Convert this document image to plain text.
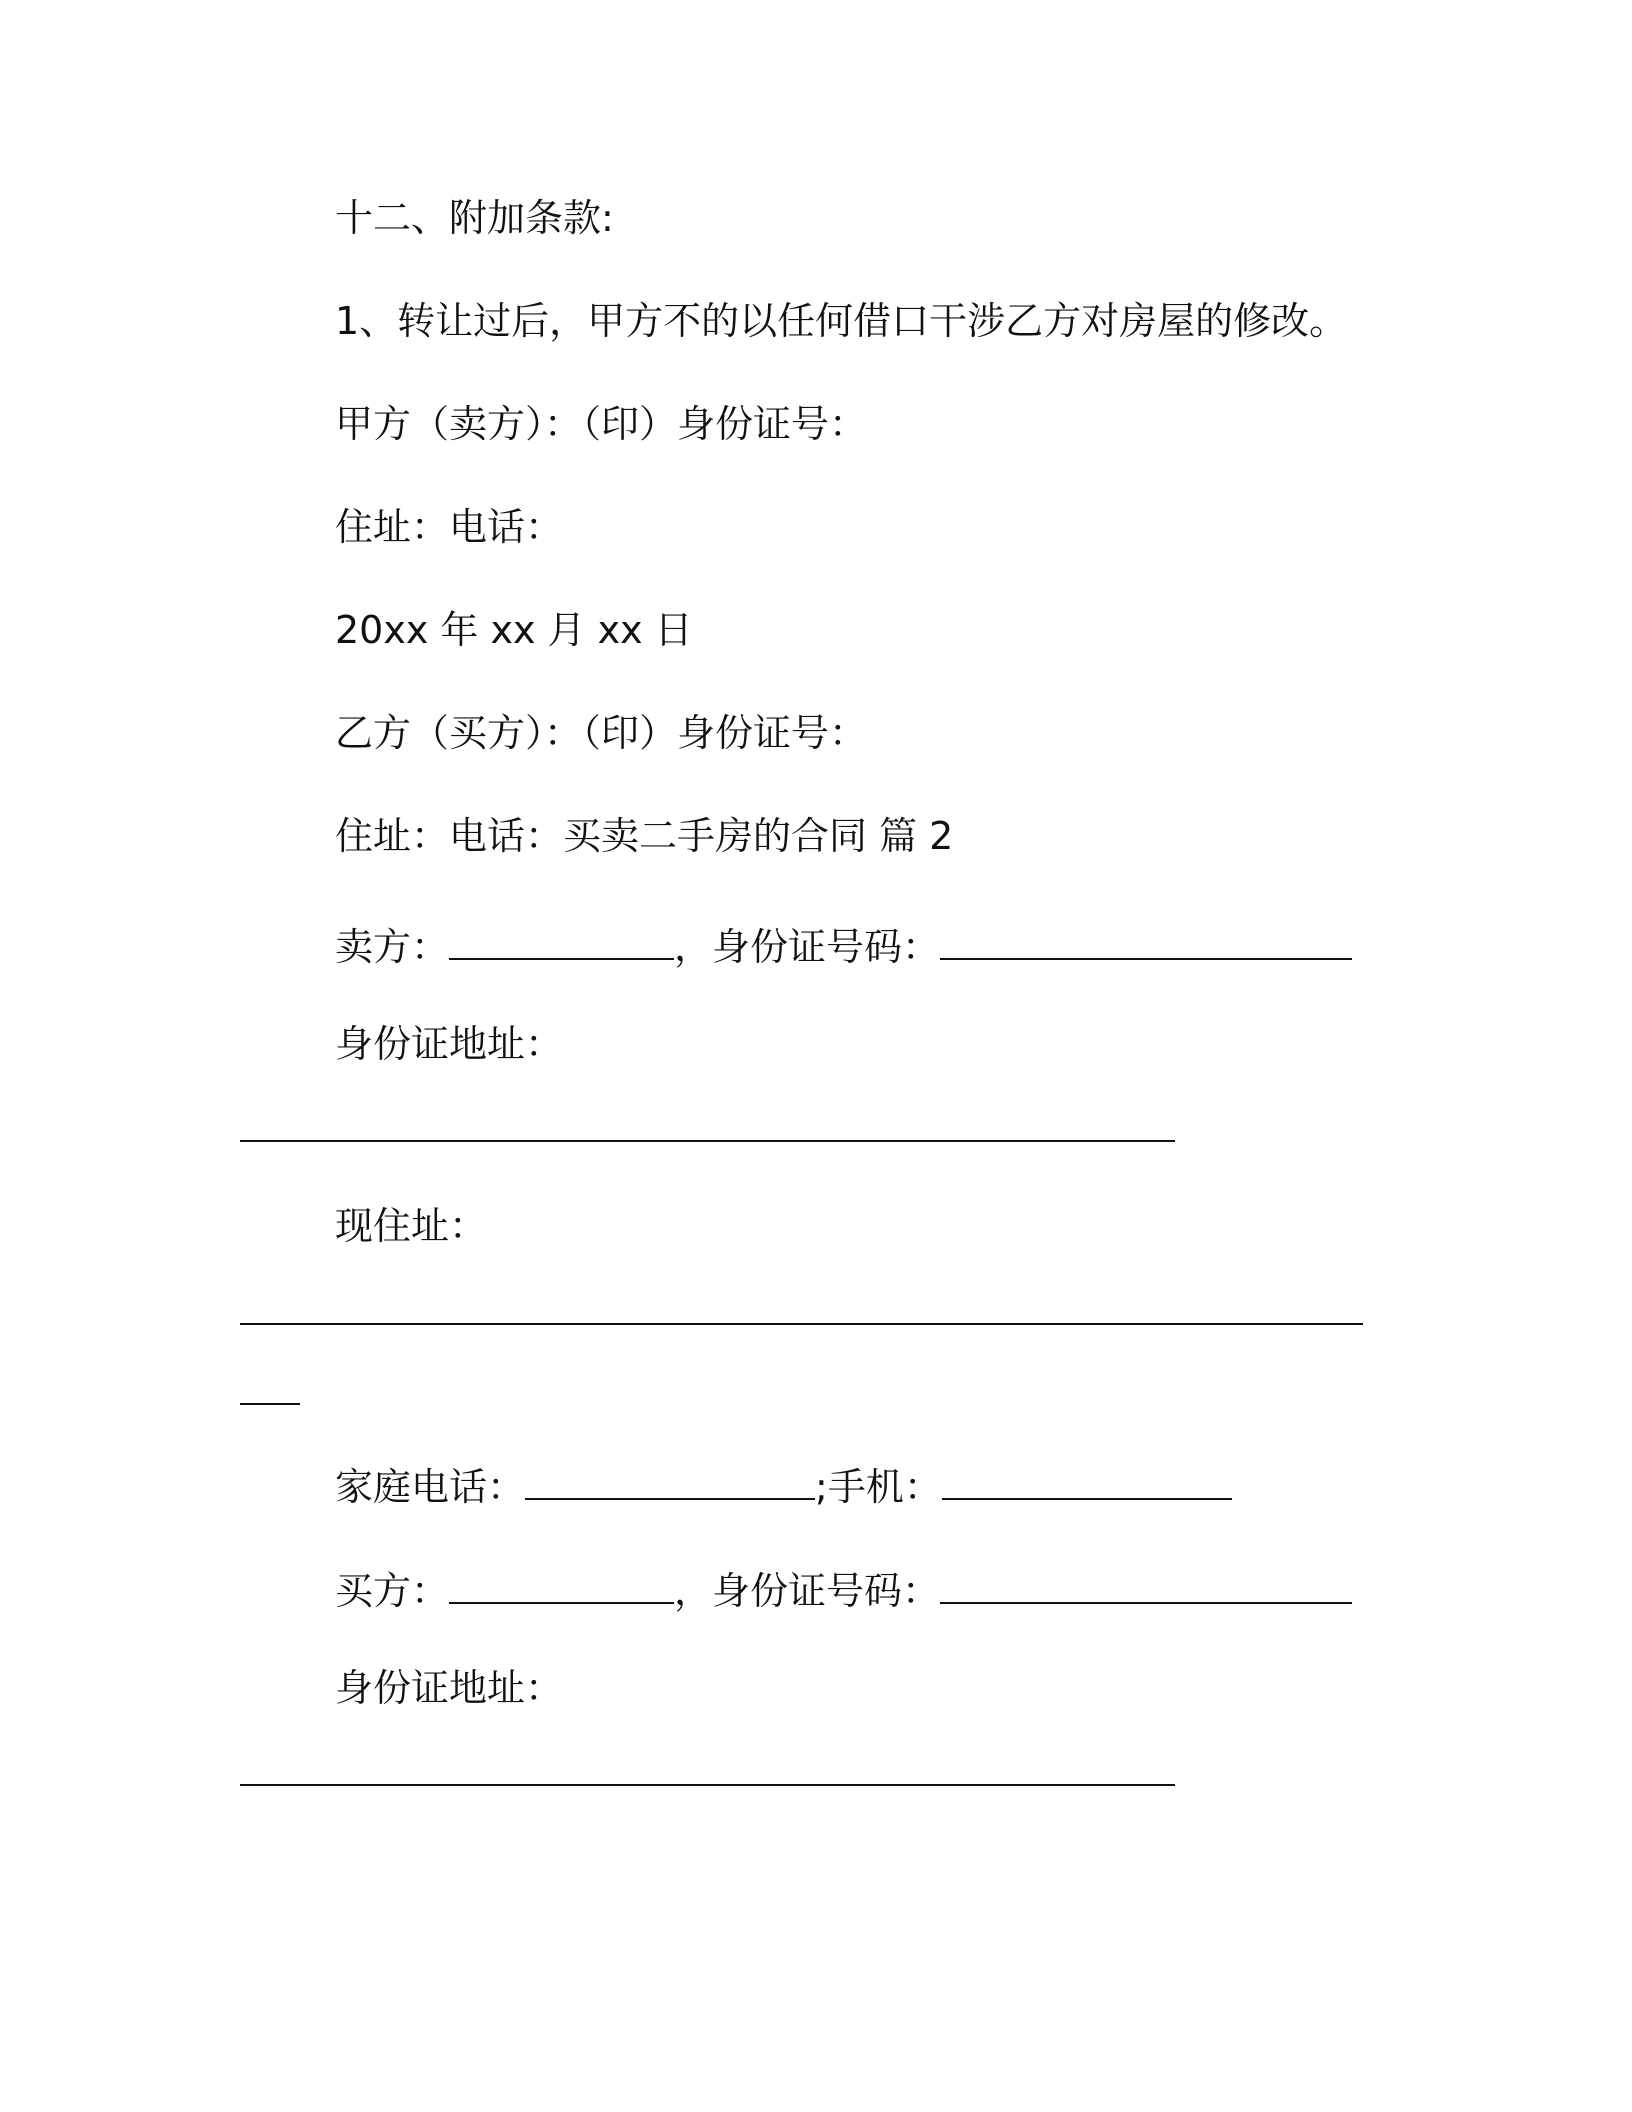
十二、附加条款:
1、转让过后，甲方不的以任何借口干涉乙方对房屋的修改。
甲方（卖方）：（印）身份证号：
住址：电话：
20xx 年 xx 月 xx 日
乙方（买方）：（印）身份证号：
住址：电话：买卖二手房的合同 篇 2
卖方：	，身份证号码：
身份证地址：
现住址：
家庭电话：	;手机：
买方：	，身份证号码：
身份证地址：
